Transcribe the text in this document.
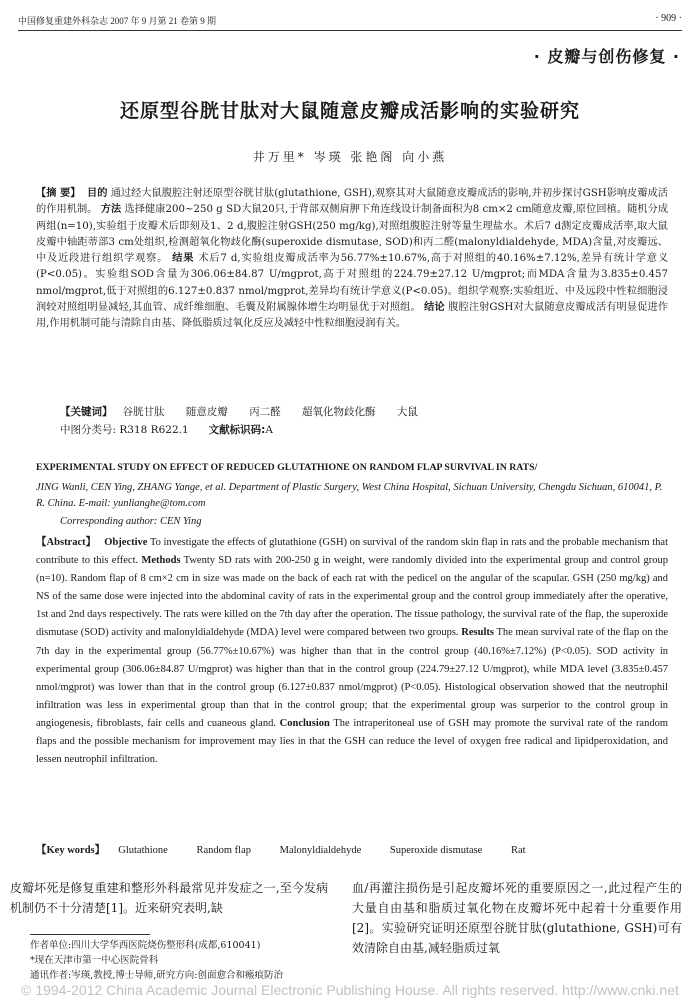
中国修复重建外科杂志 2007 年 9 月第 21 卷第 9 期	· 909 ·
· 皮瓣与创伤修复 ·
还原型谷胱甘肽对大鼠随意皮瓣成活影响的实验研究
井万里* 岑瑛 张艳阁 向小燕
【摘 要】 目的 通过经大鼠腹腔注射还原型谷胱甘肽(glutathione, GSH),观察其对大鼠随意皮瓣成活的影响,并初步探讨GSH影响皮瓣成活的作用机制。 方法 选择健康200~250 g SD大鼠20只,于背部双侧肩胛下角连线设计制备面积为8 cm×2 cm随意皮瓣,原位回植。随机分成两组(n=10),实验组于皮瓣术后即刻及1、2 d,腹腔注射GSH(250 mg/kg),对照组腹腔注射等量生理盐水。术后7 d测定皮瓣成活率,取大鼠皮瓣中轴距蒂部3 cm处组织,检测超氧化物歧化酶(superoxide dismutase, SOD)和丙二醛(malonyldialdehyde, MDA)含量,对皮瓣远、中及近段进行组织学观察。 结果 术后7 d,实验组皮瓣成活率为56.77%±10.67%,高于对照组的40.16%±7.12%,差异有统计学意义(P<0.05)。实验组SOD含量为306.06±84.87 U/mgprot,高于对照组的224.79±27.12 U/mgprot;而MDA含量为3.835±0.457 nmol/mgprot,低于对照组的6.127±0.837 nmol/mgprot,差异均有统计学意义(P<0.05)。组织学观察:实验组近、中及远段中性粒细胞浸润较对照组明显减轻,其血管、成纤维细胞、毛囊及附属腺体增生均明显优于对照组。 结论 腹腔注射GSH对大鼠随意皮瓣成活有明显促进作用,作用机制可能与清除自由基、降低脂质过氧化反应及减轻中性粒细胞浸润有关。
【关键词】 谷胱甘肽 随意皮瓣 丙二醛 超氧化物歧化酶 大鼠
中图分类号: R318 R622.1 文献标识码:A
EXPERIMENTAL STUDY ON EFFECT OF REDUCED GLUTATHIONE ON RANDOM FLAP SURVIVAL IN RATS/
JING Wanli, CEN Ying, ZHANG Yange, et al. Department of Plastic Surgery, West China Hospital, Sichuan University, Chengdu Sichuan, 610041, P. R. China. E-mail: yunlianghe@tom.com
Corresponding author: CEN Ying
【Abstract】 Objective To investigate the effects of glutathione (GSH) on survival of the random skin flap in rats and the probable mechanism that contribute to this effect. Methods Twenty SD rats with 200-250 g in weight, were randomly divided into the experimental group and control group (n=10). Random flap of 8 cm×2 cm in size was made on the back of each rat with the pedicel on the angular of the scapular. GSH (250 mg/kg) and NS of the same dose were injected into the abdominal cavity of rats in the experimental group and the control group immediately after the operative, 1st and 2nd days respectively. The rats were killed on the 7th day after the operation. The tissue pathology, the survival rate of the flap, the superoxide dismutase (SOD) activity and malonyldialdehyde (MDA) level were compared between two groups. Results The mean survival rate of the flap on the 7th day in the experimental group (56.77%±10.67%) was higher than that in the control group (40.16%±7.12%) (P<0.05). SOD activity in experimental group (306.06±84.87 U/mgprot) was higher than that in the control group (224.79±27.12 U/mgprot), while MDA level (3.835±0.457 nmol/mgprot) was lower than that in the control group (6.127±0.837 nmol/mgprot) (P<0.05). Histological observation showed that the neutrophil infiltration was less in experimental group than that in the control group; that the experimental group was surperior to the control group in angiogenesis, fibroblasts, fair cells and cuaneous gland. Conclusion The intraperitoneal use of GSH may promote the survival rate of the random flaps and the possible mechanism for improvement may lies in that the GSH can reduce the level of oxygen free radical and lipidperoxidation, and lessen neutrophil infiltration.
【Key words】 Glutathione	Random flap	Malonyldialdehyde	Superoxide dismutase	Rat
皮瓣坏死是修复重建和整形外科最常见并发症之一,至今发病机制仍不十分清楚[1]。近来研究表明,缺
血/再灌注损伤是引起皮瓣坏死的重要原因之一,此过程产生的大量自由基和脂质过氧化物在皮瓣坏死中起着十分重要作用[2]。实验研究证明还原型谷胱甘肽(glutathione, GSH)可有效清除自由基,减轻脂质过氧
作者单位:四川大学华西医院烧伤整形科(成都,610041)
*现在天津市第一中心医院骨科
通讯作者:岑瑛,教授,博士导师,研究方向:创面愈合和瘢痕防治
© 1994-2012 China Academic Journal Electronic Publishing House. All rights reserved. http://www.cnki.net
